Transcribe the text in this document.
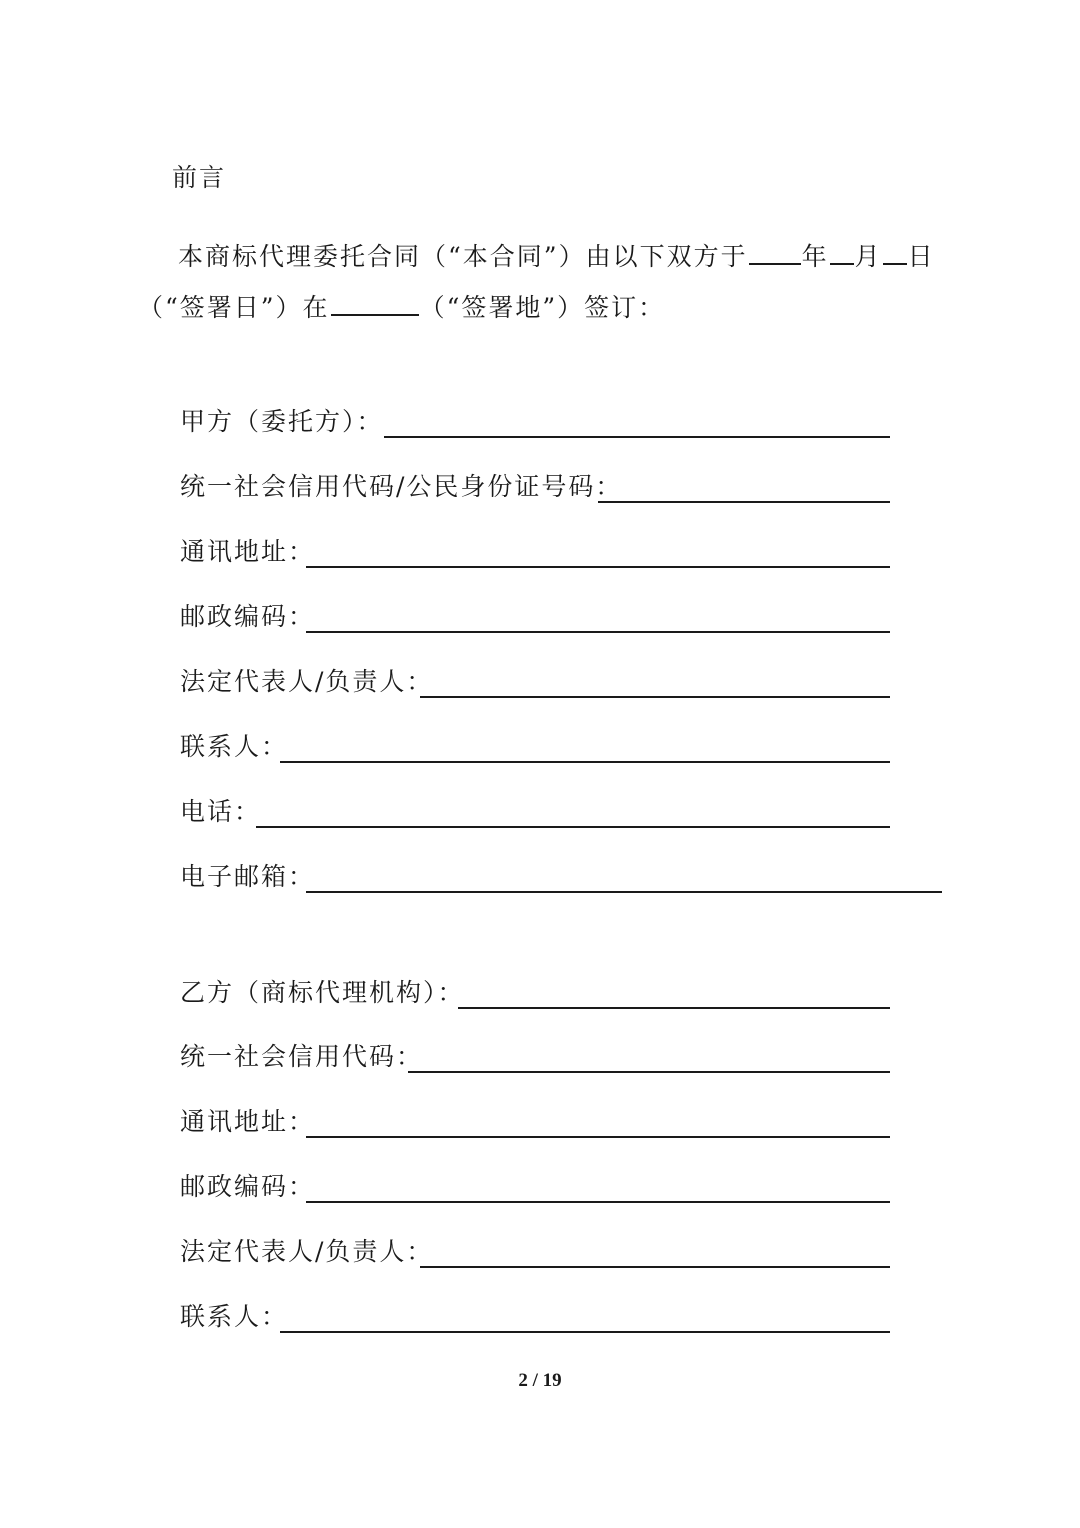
前言
本商标代理委托合同（“本合同”）由以下双方于 年 月 日
（“签署日”）在	（“签署地”）签订：
甲方（委托方）：
统一社会信用代码/公民身份证号码：
通讯地址：
邮政编码：
法定代表人/负责人：
联系人：
电话：
电子邮箱：
乙方（商标代理机构）：
统一社会信用代码：
通讯地址：
邮政编码：
法定代表人/负责人：
联系人：
2 / 19
